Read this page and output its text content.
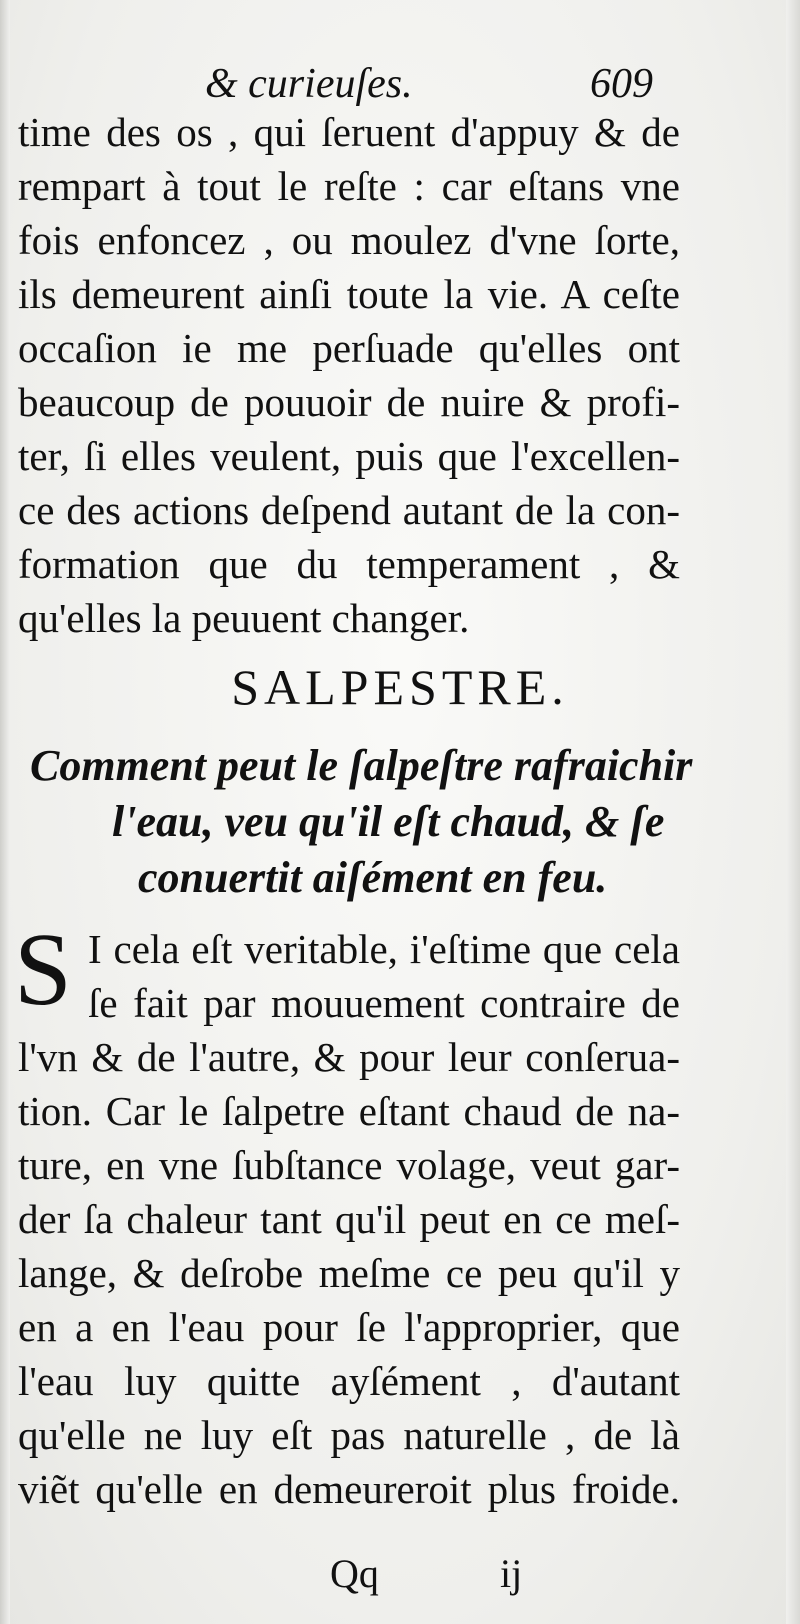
& curieuſes.	609
time des os , qui ſeruent d'appuy & de
rempart à tout le reſte : car eſtans vne
fois enfoncez , ou moulez d'vne ſorte,
ils demeurent ainſi toute la vie. A ceſte
occaſion ie me perſuade qu'elles ont
beaucoup de pouuoir de nuire & profi-
ter, ſi elles veulent, puis que l'excellen-
ce des actions deſpend autant de la con-
formation que du temperament , &
qu'elles la peuuent changer.
SALPESTRE.
Comment peut le ſalpeſtre rafraichir
l'eau, veu qu'il eſt chaud, & ſe
conuertit aiſément en feu.
S I cela eſt veritable, i'eſtime que cela
ſe fait par mouuement contraire de
l'vn & de l'autre, & pour leur conſerua-
tion. Car le ſalpetre eſtant chaud de na-
ture, en vne ſubſtance volage, veut gar-
der ſa chaleur tant qu'il peut en ce meſ-
lange, & deſrobe meſme ce peu qu'il y
en a en l'eau pour ſe l'approprier, que
l'eau luy quitte ayſément , d'autant
qu'elle ne luy eſt pas naturelle , de là
viẽt qu'elle en demeureroit plus froide.
Qq	ij
